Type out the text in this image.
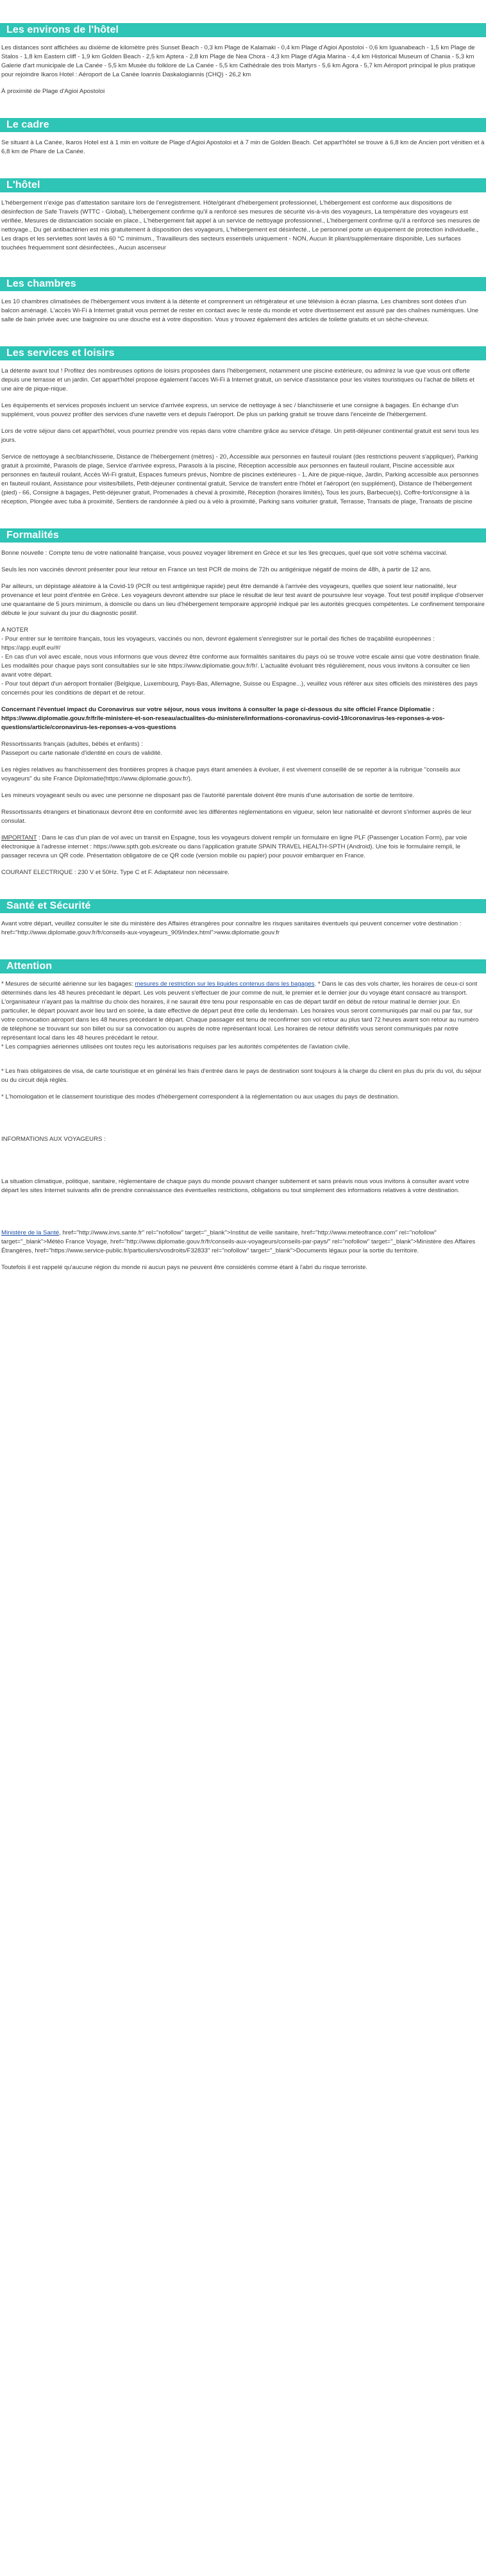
Les environs de l'hôtel

Les distances sont affichées au dixième de kilomètre près Sunset Beach - 0,3 km Plage de Kalamaki - 0,4 km Plage d'Agioi Apostoloi - 0,6 km Iguanabeach - 1,5 km Plage de Stalos - 1,8 km Eastern cliff - 1,9 km Golden Beach - 2,5 km Aptera - 2,8 km Plage de Nea Chora - 4,3 km Plage d'Agia Marina - 4,4 km Historical Museum of Chania - 5,3 km Galerie d'art municipale de La Canée - 5,5 km Musée du folklore de La Canée - 5,5 km Cathédrale des trois Martyrs - 5,6 km Agora - 5,7 km Aéroport principal le plus pratique pour rejoindre Ikaros Hotel : Aéroport de La Canée Ioannis Daskalogiannis (CHQ) - 26,2 km

À proximité de Plage d'Agioi Apostoloi

Le cadre

Se situant à La Canée, Ikaros Hotel est à 1 min en voiture de Plage d'Agioi Apostoloi et à 7 min de Golden Beach. Cet appart'hôtel se trouve à 6,8 km de Ancien port vénitien et à 6,8 km de Phare de La Canée.

L'hôtel

L'hébergement n'exige pas d'attestation sanitaire lors de l'enregistrement. Hôte/gérant d'hébergement professionnel, L'hébergement est conforme aux dispositions de désinfection de Safe Travels (WTTC - Global), L'hébergement confirme qu'il a renforcé ses mesures de sécurité vis-à-vis des voyageurs, La température des voyageurs est vérifiée, Mesures de distanciation sociale en place., L'hébergement fait appel à un service de nettoyage professionnel., L'hébergement confirme qu'il a renforcé ses mesures de nettoyage., Du gel antibactérien est mis gratuitement à disposition des voyageurs, L'hébergement est désinfecté., Le personnel porte un équipement de protection individuelle., Les draps et les serviettes sont lavés à 60 °C minimum., Travailleurs des secteurs essentiels uniquement - NON, Aucun lit pliant/supplémentaire disponible, Les surfaces touchées fréquemment sont désinfectées., Aucun ascenseur

Les chambres

Les 10 chambres climatisées de l'hébergement vous invitent à la détente et comprennent un réfrigérateur et une télévision à écran plasma. Les chambres sont dotées d'un balcon aménagé. L'accès Wi-Fi à Internet gratuit vous permet de rester en contact avec le reste du monde et votre divertissement est assuré par des chaînes numériques. Une salle de bain privée avec une baignoire ou une douche est à votre disposition. Vous y trouvez également des articles de toilette gratuits et un sèche-cheveux.

Les services et loisirs

La détente avant tout ! Profitez des nombreuses options de loisirs proposées dans l'hébergement, notamment une piscine extérieure, ou admirez la vue que vous ont offerte depuis une terrasse et un jardin. Cet appart'hôtel propose également l'accès Wi-Fi à Internet gratuit, un service d'assistance pour les visites touristiques ou l'achat de billets et une aire de pique-nique.

Les équipements et services proposés incluent un service d'arrivée express, un service de nettoyage à sec / blanchisserie et une consigne à bagages. En échange d'un supplément, vous pouvez profiter des services d'une navette vers et depuis l'aéroport. De plus un parking gratuit se trouve dans l'enceinte de l'hébergement.

Lors de votre séjour dans cet appart'hôtel, vous pourriez prendre vos repas dans votre chambre grâce au service d'étage. Un petit-déjeuner continental gratuit est servi tous les jours.

Service de nettoyage à sec/blanchisserie, Distance de l'hébergement (mètres) - 20, Accessible aux personnes en fauteuil roulant (des restrictions peuvent s'appliquer), Parking gratuit à proximité, Parasols de plage, Service d'arrivée express, Parasols à la piscine, Réception accessible aux personnes en fauteuil roulant, Piscine accessible aux personnes en fauteuil roulant, Accès Wi-Fi gratuit, Espaces fumeurs prévus, Nombre de piscines extérieures - 1, Aire de pique-nique, Jardin, Parking accessible aux personnes en fauteuil roulant, Assistance pour visites/billets, Petit-déjeuner continental gratuit, Service de transfert entre l'hôtel et l'aéroport (en supplément), Distance de l'hébergement (pied) - 66, Consigne à bagages, Petit-déjeuner gratuit, Promenades à cheval à proximité, Réception (horaires limités), Tous les jours, Barbecue(s), Coffre-fort/consigne à la réception, Plongée avec tuba à proximité, Sentiers de randonnée à pied ou à vélo à proximité, Parking sans voiturier gratuit, Terrasse, Transats de plage, Transats de piscine

Formalités

Bonne nouvelle : Compte tenu de votre nationalité française, vous pouvez voyager librement en Grèce et sur les îles grecques, quel que soit votre schéma vaccinal.

Seuls les non vaccinés devront présenter pour leur retour en France un test PCR de moins de 72h ou antigénique négatif de moins de 48h, à partir de 12 ans.

Par ailleurs, un dépistage aléatoire à la Covid-19 (PCR ou test antigénique rapide) peut être demandé à l'arrivée des voyageurs, quelles que soient leur nationalité, leur provenance et leur point d'entrée en Grèce. Les voyageurs devront attendre sur place le résultat de leur test avant de poursuivre leur voyage. Tout test positif implique d'observer une quarantaine de 5 jours minimum, à domicile ou dans un lieu d'hébergement temporaire approprié indiqué par les autorités grecques compétentes. Le confinement temporaire débute le jour suivant du jour du diagnostic positif.

A NOTER
- Pour entrer sur le territoire français, tous les voyageurs, vaccinés ou non, devront également s'enregistrer sur le portail des fiches de traçabilité européennes : https://app.euplf.eu/#/
- En cas d'un vol avec escale, nous vous informons que vous devrez être conforme aux formalités sanitaires du pays où se trouve votre escale ainsi que votre destination finale.
Les modalités pour chaque pays sont consultables sur le site https://www.diplomatie.gouv.fr/fr/. L'actualité évoluant très régulièrement, nous vous invitons à consulter ce lien avant votre départ.
- Pour tout départ d'un aéroport frontalier (Belgique, Luxembourg, Pays-Bas, Allemagne, Suisse ou Espagne...), veuillez vous référer aux sites officiels des ministères des pays concernés pour les conditions de départ et de retour.

Concernant l'éventuel impact du Coronavirus sur votre séjour, nous vous invitons à consulter la page ci-dessous du site officiel France Diplomatie : https://www.diplomatie.gouv.fr/fr/le-ministere-et-son-reseau/actualites-du-ministere/informations-coronavirus-covid-19/coronavirus-les-reponses-a-vos-questions/article/coronavirus-les-reponses-a-vos-questions

Ressortissants français (adultes, bébés et enfants) :
Passeport ou carte nationale d'identité en cours de validité.

Les règles relatives au franchissement des frontières propres à chaque pays étant amenées à évoluer, il est vivement conseillé de se reporter à la rubrique "conseils aux voyageurs" du site France Diplomatie(https://www.diplomatie.gouv.fr/).

Les mineurs voyageant seuls ou avec une personne ne disposant pas de l'autorité parentale doivent être munis d'une autorisation de sortie de territoire.

Ressortissants étrangers et binationaux devront être en conformité avec les différentes réglementations en vigueur, selon leur nationalité et devront s'informer auprès de leur consulat.

IMPORTANT : Dans le cas d'un plan de vol avec un transit en Espagne, tous les voyageurs doivent remplir un formulaire en ligne PLF (Passenger Location Form), par voie électronique à l'adresse internet : https://www.spth.gob.es/create ou dans l'application gratuite SPAIN TRAVEL HEALTH-SPTH (Android). Une fois le formulaire rempli, le passager recevra un QR code. Présentation obligatoire de ce QR code (version mobile ou papier) pour pouvoir embarquer en France.

COURANT ELECTRIQUE : 230 V et 50Hz. Type C et F. Adaptateur non nécessaire.

Santé et Sécurité

Avant votre départ, veuillez consulter le site du ministère des Affaires étrangères pour connaître les risques sanitaires éventuels qui peuvent concerner votre destination : href="http://www.diplomatie.gouv.fr/fr/conseils-aux-voyageurs_909/index.html">www.diplomatie.gouv.fr

Attention

* Mesures de sécurité aérienne sur les bagages: mesures de restriction sur les liquides contenus dans les bagages. * Dans le cas des vols charter, les horaires de ceux-ci sont déterminés dans les 48 heures précédant le départ. Les vols peuvent s'effectuer de jour comme de nuit, le premier et le dernier jour du voyage étant consacré au transport. L'organisateur n'ayant pas la maîtrise du choix des horaires, il ne saurait être tenu pour responsable en cas de départ tardif en début de retour matinal le dernier jour. En particulier, le départ pouvant avoir lieu tard en soirée, la date effective de départ peut être celle du lendemain. Les horaires vous seront communiqués par mail ou par fax, sur votre convocation aéroport dans les 48 heures précédant le départ. Chaque passager est tenu de reconfirmer son vol retour au plus tard 72 heures avant son retour au numéro de téléphone se trouvant sur son billet ou sur sa convocation ou auprès de notre représentant local. Les horaires de retour définitifs vous seront communiqués par notre représentant local dans les 48 heures précédant le retour.
* Les compagnies aériennes utilisées ont toutes reçu les autorisations requises par les autorités compétentes de l'aviation civile.

* Les frais obligatoires de visa, de carte touristique et en général les frais d'entrée dans le pays de destination sont toujours à la charge du client en plus du prix du vol, du séjour ou du circuit déjà réglés.

* L'homologation et le classement touristique des modes d'hébergement correspondent à la réglementation ou aux usages du pays de destination.

INFORMATIONS AUX VOYAGEURS :

La situation climatique, politique, sanitaire, réglementaire de chaque pays du monde pouvant changer subitement et sans préavis nous vous invitons à consulter avant votre départ les sites Internet suivants afin de prendre connaissance des éventuelles restrictions, obligations ou tout simplement des informations relatives à votre destination.

Ministère de la Santé, href="http://www.invs.sante.fr" rel="nofollow" target="_blank">Institut de veille sanitaire, href="http://www.meteofrance.com" rel="nofollow" target="_blank">Météo France Voyage, href="http://www.diplomatie.gouv.fr/fr/conseils-aux-voyageurs/conseils-par-pays/" rel="nofollow" target="_blank">Ministère des Affaires Étrangères, href="https://www.service-public.fr/particuliers/vosdroits/F32833" rel="nofollow" target="_blank">Documents légaux pour la sortie du territoire.

Toutefois il est rappelé qu'aucune région du monde ni aucun pays ne peuvent être considérés comme étant à l'abri du risque terroriste.
